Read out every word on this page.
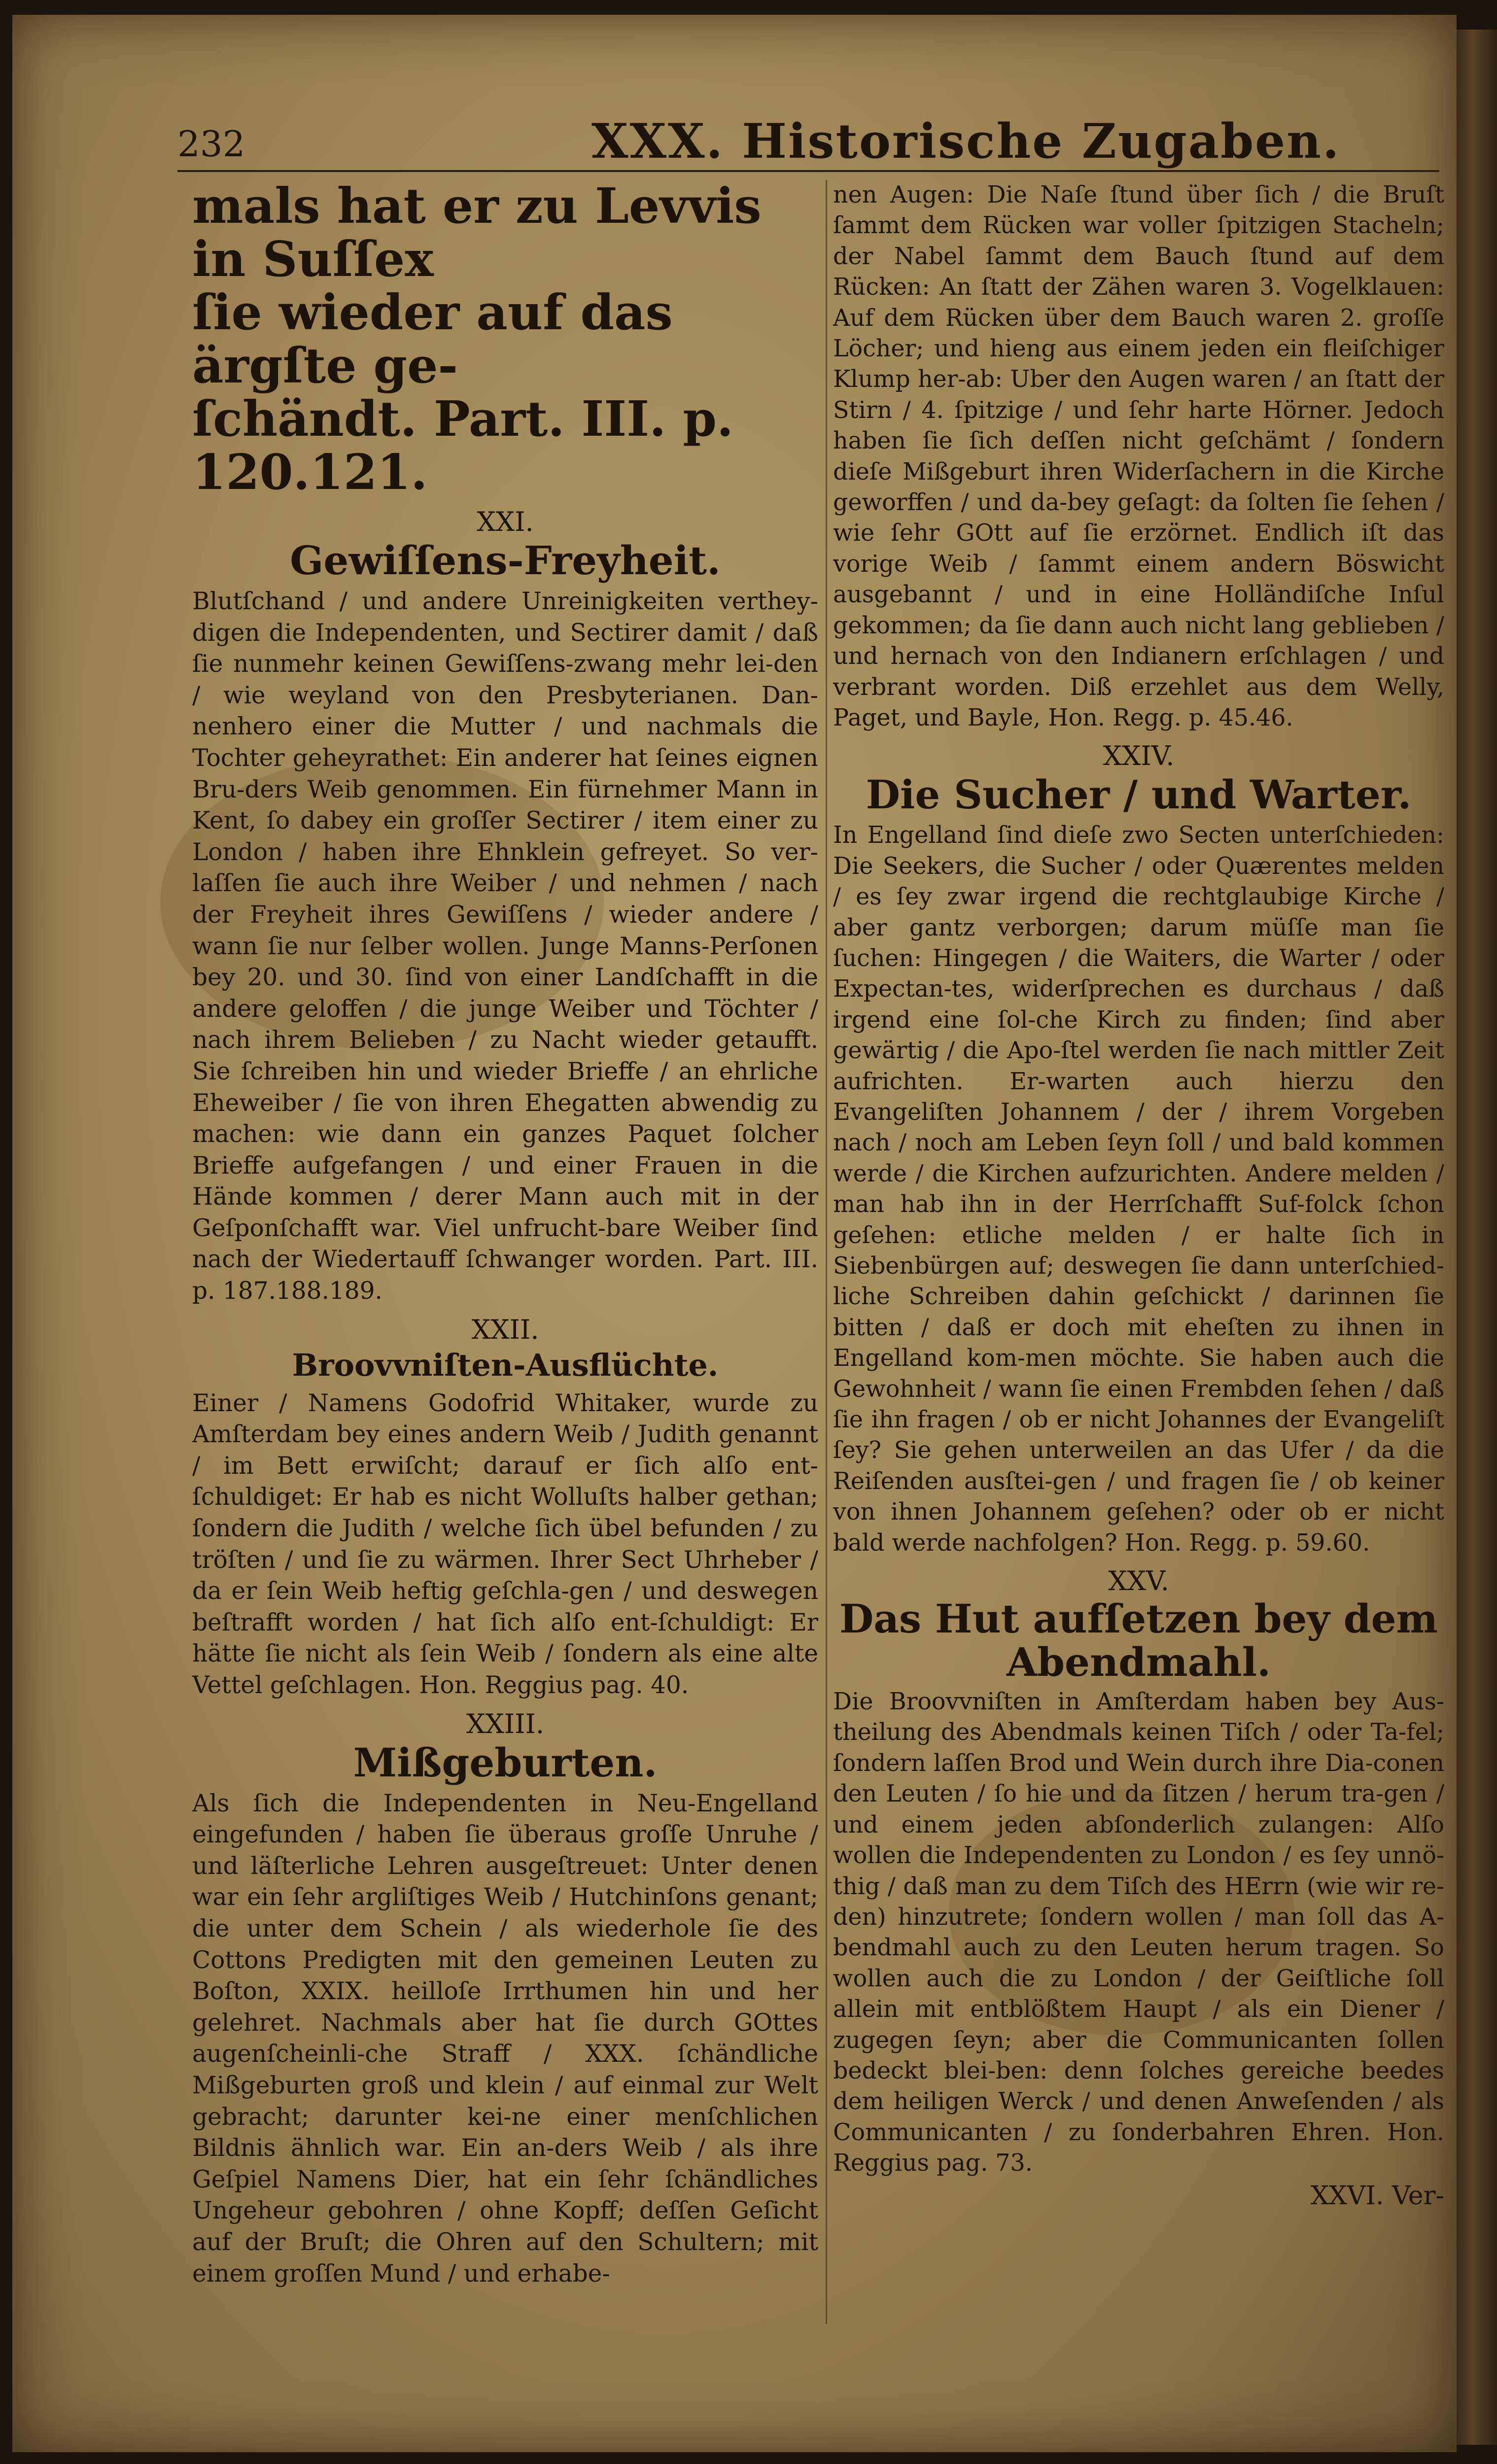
232	XXX. Historische Zugaben.
mals hat er zu Levvis in Suſſex
ſie wieder auf das ärgſte ge-
ſchändt. Part. III. p. 120.121.
XXI.
Gewiſſens-Freyheit.

Blutſchand / und andere Unreinigkeiten verthey-digen die Independenten, und Sectirer damit / daß ſie nunmehr keinen Gewiſſens-zwang mehr lei-den / wie weyland von den Presbyterianen. Dan-nenhero einer die Mutter / und nachmals die Tochter geheyrathet: Ein anderer hat ſeines eignen Bru-ders Weib genommen. Ein fürnehmer Mann in Kent, ſo dabey ein groſſer Sectirer / item einer zu London / haben ihre Ehnklein gefreyet. So ver-laſſen ſie auch ihre Weiber / und nehmen / nach der Freyheit ihres Gewiſſens / wieder andere / wann ſie nur ſelber wollen. Junge Manns-Perſonen bey 20. und 30. ſind von einer Landſchafft in die andere geloffen / die junge Weiber und Töchter / nach ihrem Belieben / zu Nacht wieder getaufft. Sie ſchreiben hin und wieder Brieffe / an ehrliche Eheweiber / ſie von ihren Ehegatten abwendig zu machen: wie dann ein ganzes Paquet ſolcher Brieffe aufgefangen / und einer Frauen in die Hände kommen / derer Mann auch mit in der Geſponſchafft war. Viel unfrucht-bare Weiber ſind nach der Wiedertauff ſchwanger worden. Part. III. p. 187.188.189.

XXII.
Broovvniſten-Ausflüchte.

Einer / Namens Godofrid Whitaker, wurde zu Amſterdam bey eines andern Weib / Judith genannt / im Bett erwiſcht; darauf er ſich alſo ent-ſchuldiget: Er hab es nicht Wolluſts halber gethan; ſondern die Judith / welche ſich übel befunden / zu tröſten / und ſie zu wärmen. Ihrer Sect Uhrheber / da er ſein Weib heftig geſchla-gen / und deswegen beſtrafft worden / hat ſich alſo ent-ſchuldigt: Er hätte ſie nicht als ſein Weib / ſondern als eine alte Vettel geſchlagen. Hon. Reggius pag. 40.

XXIII.
Mißgeburten.

Als ſich die Independenten in Neu-Engelland eingefunden / haben ſie überaus groſſe Unruhe / und läſterliche Lehren ausgeſtreuet: Unter denen war ein ſehr argliſtiges Weib / Hutchinſons genant; die unter dem Schein / als wiederhole ſie des Cottons Predigten mit den gemeinen Leuten zu Boſton, XXIX. heilloſe Irrthumen hin und her gelehret. Nachmals aber hat ſie durch GOttes augenſcheinli-che Straff / XXX. ſchändliche Mißgeburten groß und klein / auf einmal zur Welt gebracht; darunter kei-ne einer menſchlichen Bildnis ähnlich war. Ein an-ders Weib / als ihre Geſpiel Namens Dier, hat ein ſehr ſchändliches Ungeheur gebohren / ohne Kopff; deſſen Geſicht auf der Bruſt; die Ohren auf den Schultern; mit einem groſſen Mund / und erhabe-

nen Augen: Die Naſe ſtund über ſich / die Bruſt ſammt dem Rücken war voller ſpitzigen Stacheln; der Nabel ſammt dem Bauch ſtund auf dem Rücken: An ſtatt der Zähen waren 3. Vogelklauen: Auf dem Rücken über dem Bauch waren 2. groſſe Löcher; und hieng aus einem jeden ein fleiſchiger Klump her-ab: Uber den Augen waren / an ſtatt der Stirn / 4. ſpitzige / und ſehr harte Hörner. Jedoch haben ſie ſich deſſen nicht geſchämt / ſondern dieſe Mißgeburt ihren Widerſachern in die Kirche geworffen / und da-bey geſagt: da ſolten ſie ſehen / wie ſehr GOtt auf ſie erzörnet. Endlich iſt das vorige Weib / ſammt einem andern Böswicht ausgebannt / und in eine Holländiſche Inſul gekommen; da ſie dann auch nicht lang geblieben / und hernach von den Indianern erſchlagen / und verbrant worden. Diß erzehlet aus dem Welly, Paget, und Bayle, Hon. Regg. p. 45.46.

XXIV.
Die Sucher / und Warter.

In Engelland ſind dieſe zwo Secten unterſchieden: Die Seekers, die Sucher / oder Quærentes melden / es ſey zwar irgend die rechtglaubige Kirche / aber gantz verborgen; darum müſſe man ſie ſuchen: Hingegen / die Waiters, die Warter / oder Expectan-tes, widerſprechen es durchaus / daß irgend eine ſol-che Kirch zu finden; ſind aber gewärtig / die Apo-ſtel werden ſie nach mittler Zeit aufrichten. Er-warten auch hierzu den Evangeliſten Johannem / der / ihrem Vorgeben nach / noch am Leben ſeyn ſoll / und bald kommen werde / die Kirchen aufzurichten. Andere melden / man hab ihn in der Herrſchafft Suf-folck ſchon geſehen: etliche melden / er halte ſich in Siebenbürgen auf; deswegen ſie dann unterſchied-liche Schreiben dahin geſchickt / darinnen ſie bitten / daß er doch mit eheſten zu ihnen in Engelland kom-men möchte. Sie haben auch die Gewohnheit / wann ſie einen Frembden ſehen / daß ſie ihn fragen / ob er nicht Johannes der Evangeliſt ſey? Sie gehen unterweilen an das Ufer / da die Reiſenden ausſtei-gen / und fragen ſie / ob keiner von ihnen Johannem geſehen? oder ob er nicht bald werde nachfolgen? Hon. Regg. p. 59.60.

XXV.
Das Hut aufſetzen bey dem Abendmahl.

Die Broovvniſten in Amſterdam haben bey Aus-theilung des Abendmals keinen Tiſch / oder Ta-fel; ſondern laſſen Brod und Wein durch ihre Dia-conen den Leuten / ſo hie und da ſitzen / herum tra-gen / und einem jeden abſonderlich zulangen: Alſo wollen die Independenten zu London / es ſey unnö-thig / daß man zu dem Tiſch des HErrn (wie wir re-den) hinzutrete; ſondern wollen / man ſoll das A-bendmahl auch zu den Leuten herum tragen. So wollen auch die zu London / der Geiſtliche ſoll allein mit entblößtem Haupt / als ein Diener / zugegen ſeyn; aber die Communicanten ſollen bedeckt blei-ben: denn ſolches gereiche beedes dem heiligen Werck / und denen Anweſenden / als Communicanten / zu ſonderbahren Ehren. Hon. Reggius pag. 73.

XXVI. Ver-
